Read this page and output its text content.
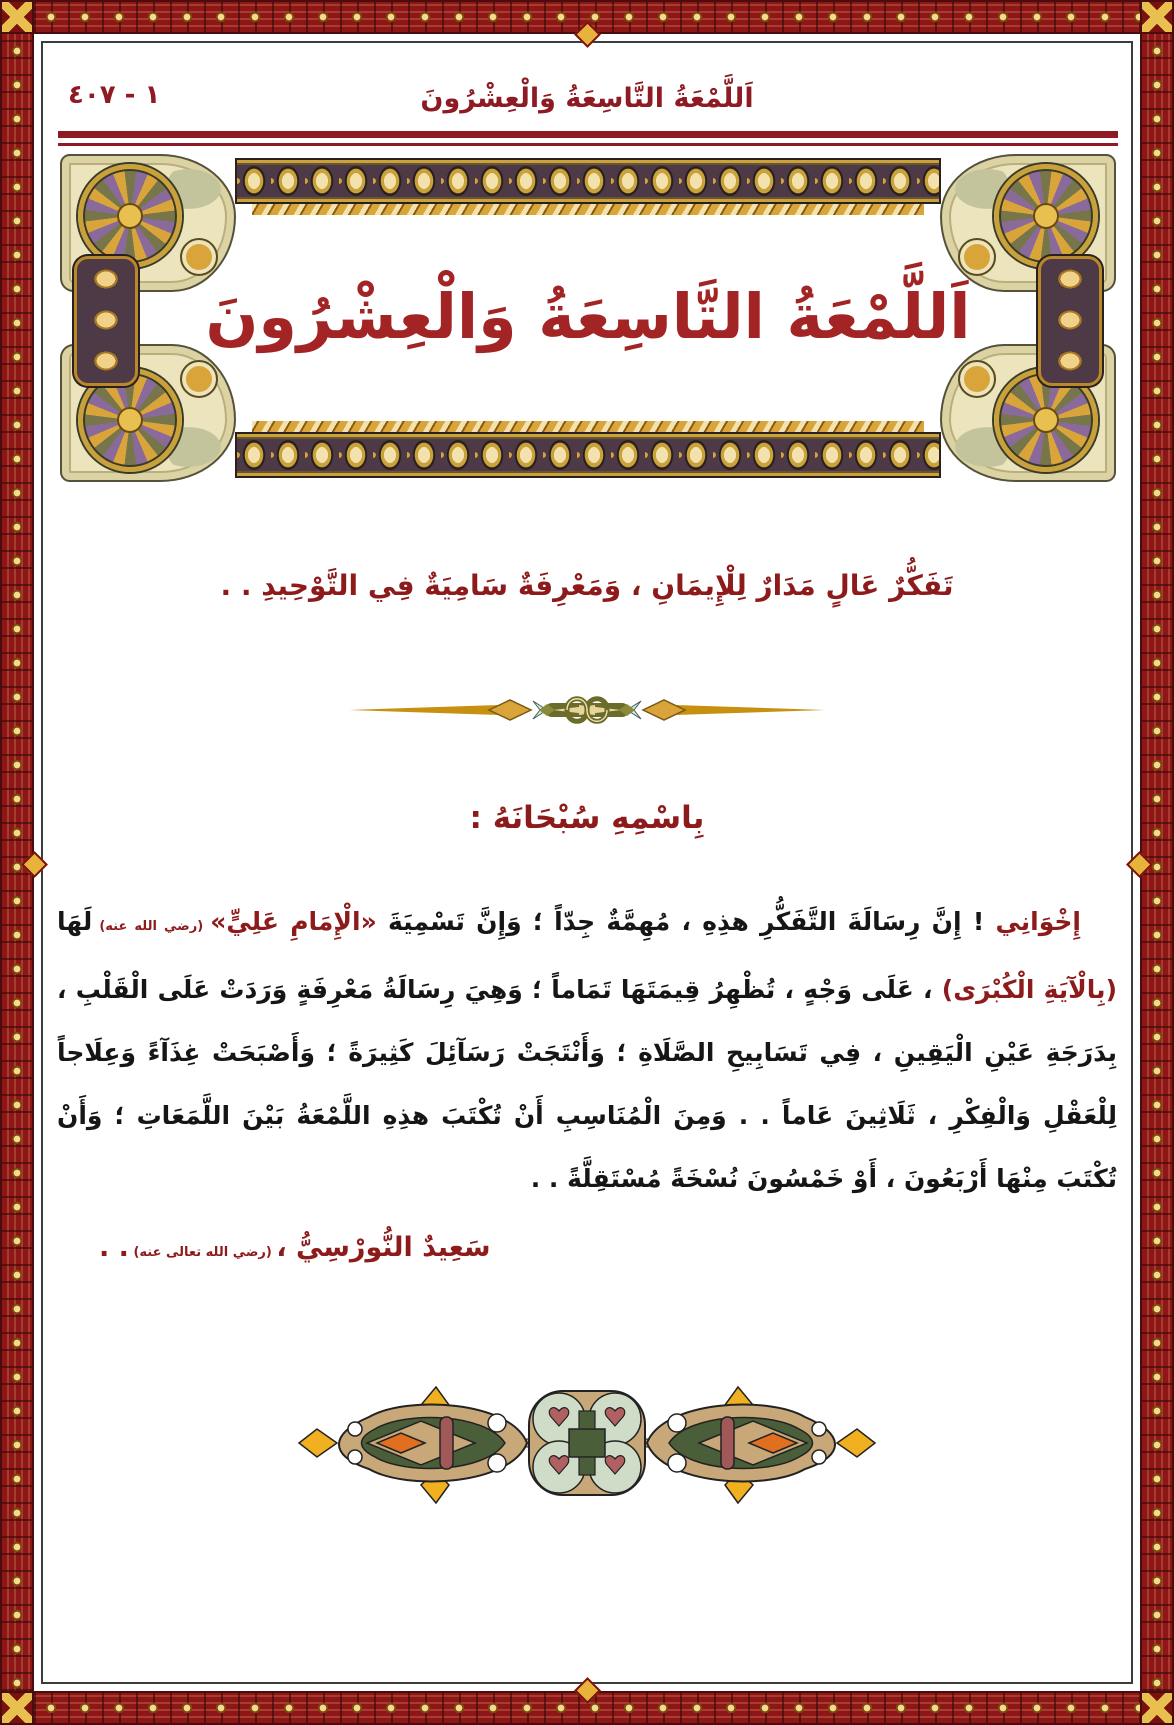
١ - ٤٠٧	اَللَّمْعَةُ التَّاسِعَةُ وَالْعِشْرُونَ
اَللَّمْعَةُ التَّاسِعَةُ وَالْعِشْرُونَ
تَفَكُّرٌ عَالٍ مَدَارٌ لِلْإِيمَانِ ، وَمَعْرِفَةٌ سَامِيَةٌ فِي التَّوْحِيدِ . .
بِاسْمِهِ سُبْحَانَهُ :
إِخْوَانِي ! إِنَّ رِسَالَةَ التَّفَكُّرِ هذِهِ ، مُهِمَّةٌ جِدّاً ؛ وَإِنَّ تَسْمِيَةَ «الْإِمَامِ عَلِيٍّ» (رضي الله عنه) لَهَا
(بِالْآيَةِ الْكُبْرَى) ، عَلَى وَجْهٍ ، تُظْهِرُ قِيمَتَهَا تَمَاماً ؛ وَهِيَ رِسَالَةُ مَعْرِفَةٍ وَرَدَتْ عَلَى الْقَلْبِ ،
بِدَرَجَةِ عَيْنِ الْيَقِينِ ، فِي تَسَابِيحِ الصَّلَاةِ ؛ وَأَنْتَجَتْ رَسَآئِلَ كَثِيرَةً ؛ وَأَصْبَحَتْ غِذَآءً وَعِلَاجاً
لِلْعَقْلِ وَالْفِكْرِ ، ثَلَاثِينَ عَاماً . . وَمِنَ الْمُنَاسِبِ أَنْ تُكْتَبَ هذِهِ اللَّمْعَةُ بَيْنَ اللَّمَعَاتِ ؛ وَأَنْ
تُكْتَبَ مِنْهَا أَرْبَعُونَ ، أَوْ خَمْسُونَ نُسْخَةً مُسْتَقِلَّةً . .
سَعِيدٌ النُّورْسِيُّ ، (رضي الله تعالى عنه) . .
